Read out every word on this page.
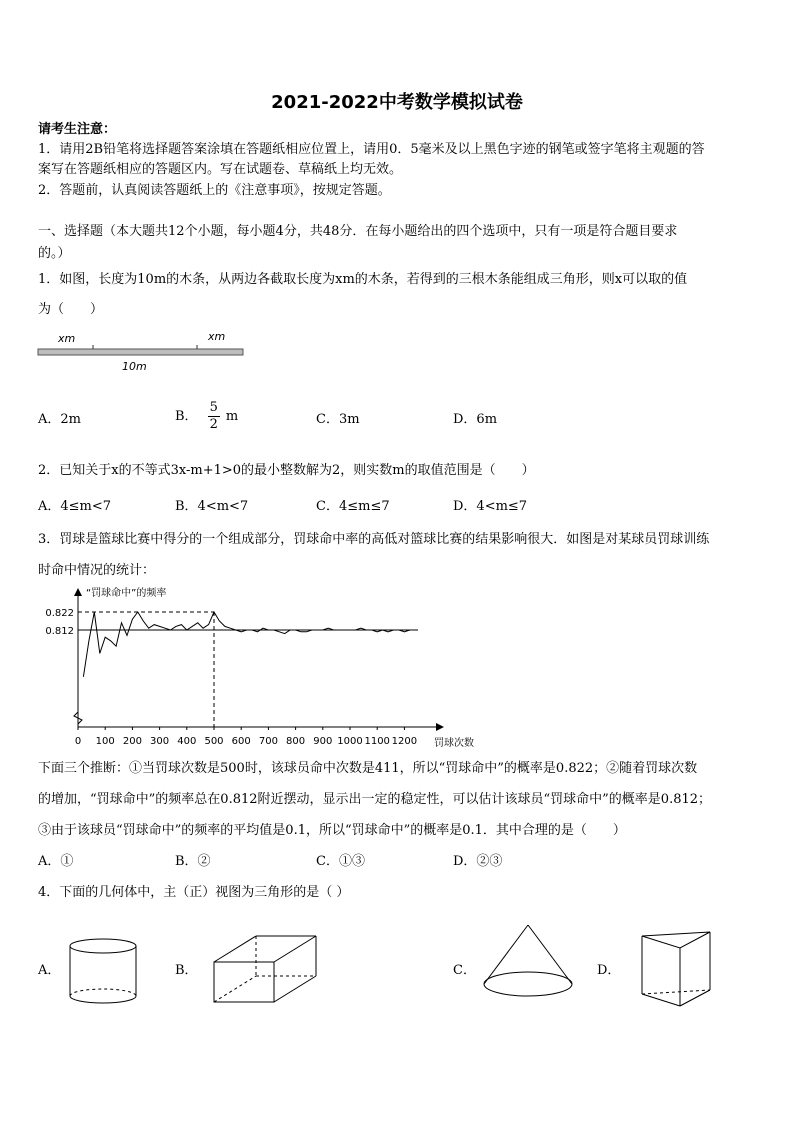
2021-2022中考数学模拟试卷
请考生注意：
1．请用2B铅笔将选择题答案涂填在答题纸相应位置上，请用0．5毫米及以上黑色字迹的钢笔或签字笔将主观题的答
案写在答题纸相应的答题区内。写在试题卷、草稿纸上均无效。
2．答题前，认真阅读答题纸上的《注意事项》，按规定答题。
一、选择题（本大题共12个小题，每小题4分，共48分．在每小题给出的四个选项中，只有一项是符合题目要求
的。）
1．如图，长度为10m的木条，从两边各截取长度为xm的木条，若得到的三根木条能组成三角形，则x可以取的值
为（　　）
xm	xm
10m
A．2m	B． $\frac{5}{2}$ m	C．3m	D．6m
2．已知关于x的不等式3x-m+1>0的最小整数解为2，则实数m的取值范围是（　　）
A．4≤m<7	B．4<m<7	C．4≤m≤7	D．4<m≤7
3．罚球是篮球比赛中得分的一个组成部分，罚球命中率的高低对篮球比赛的结果影响很大．如图是对某球员罚球训练
时命中情况的统计：
“罚球命中”的频率
罚球次数
0 100 200 300 400 500 600 700 800 900 1000 1100 1200
0.812
0.822
下面三个推断：①当罚球次数是500时，该球员命中次数是411，所以“罚球命中”的概率是0.822；②随着罚球次数
的增加，“罚球命中”的频率总在0.812附近摆动，显示出一定的稳定性，可以估计该球员“罚球命中”的概率是0.812；
③由于该球员“罚球命中”的频率的平均值是0.1，所以“罚球命中”的概率是0.1．其中合理的是（　　）
A．①	B．②	C．①③	D．②③
4．下面的几何体中，主（正）视图为三角形的是（ ）
A．	B．	C．	D．
